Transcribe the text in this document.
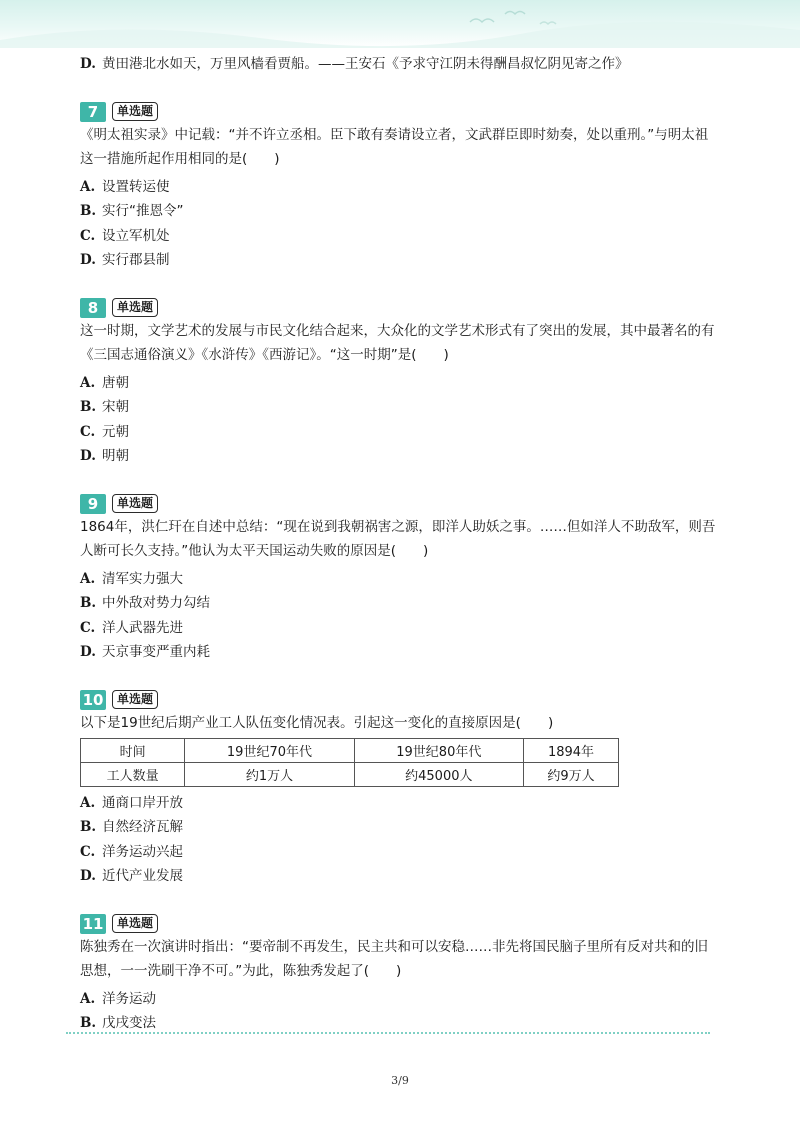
D. 黄田港北水如天，万里风樯看贾船。——王安石《予求守江阴未得酬昌叔忆阴见寄之作》
7	单选题

《明太祖实录》中记载：“并不许立丞相。臣下敢有奏请设立者，文武群臣即时劾奏，处以重刑。”与明太祖这一措施所起作用相同的是(　　)

A. 设置转运使
B. 实行“推恩令”
C. 设立军机处
D. 实行郡县制
8	单选题

这一时期，文学艺术的发展与市民文化结合起来，大众化的文学艺术形式有了突出的发展，其中最著名的有《三国志通俗演义》《水浒传》《西游记》。“这一时期”是(　　)

A. 唐朝
B. 宋朝
C. 元朝
D. 明朝
9	单选题

1864年，洪仁玕在自述中总结：“现在说到我朝祸害之源，即洋人助妖之事。……但如洋人不助敌军，则吾人断可长久支持。”他认为太平天国运动失败的原因是(　　)

A. 清军实力强大
B. 中外敌对势力勾结
C. 洋人武器先进
D. 天京事变严重内耗
10	单选题

以下是19世纪后期产业工人队伍变化情况表。引起这一变化的直接原因是(　　)

时间	19世纪70年代	19世纪80年代	1894年
工人数量	约1万人	约45000人	约9万人
A. 通商口岸开放
B. 自然经济瓦解
C. 洋务运动兴起
D. 近代产业发展
11	单选题

陈独秀在一次演讲时指出：“要帝制不再发生，民主共和可以安稳……非先将国民脑子里所有反对共和的旧思想，一一洗刷干净不可。”为此，陈独秀发起了(　　)

A. 洋务运动
B. 戊戌变法
3/9
